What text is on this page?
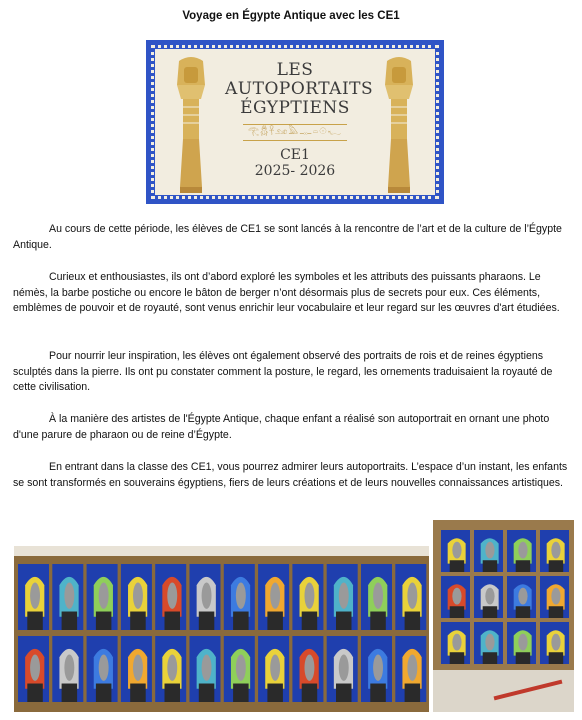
Voyage en Égypte Antique avec les CE1
LES
AUTOPORTAITS
ÉGYPTIENS
𓂀𓆣𓋹𓃭𓅓𓊃𓏏𓇳𓆑
CE1
2025- 2026

Au cours de cette période, les élèves de CE1 se sont lancés à la rencontre de l’art et de la culture de l’Égypte Antique.

Curieux et enthousiastes, ils ont d’abord exploré les symboles et les attributs des puissants pharaons. Le némès, la barbe postiche ou encore le bâton de berger n’ont désormais plus de secrets pour eux. Ces éléments, emblèmes de pouvoir et de royauté, sont venus enrichir leur vocabulaire et leur regard sur les œuvres d'art étudiées.

Pour nourrir leur inspiration, les élèves ont également observé des portraits de rois et de reines égyptiens sculptés dans la pierre. Ils ont pu constater comment la posture, le regard, les ornements traduisaient la royauté de cette civilisation.

À la manière des artistes de l'Égypte Antique, chaque enfant a réalisé son autoportrait en ornant une photo d'une parure de pharaon ou de reine d’Égypte.

En entrant dans la classe des CE1, vous pourrez admirer leurs autoportraits. L’espace d’un instant, les enfants se sont transformés en souverains égyptiens, fiers de leurs créations et de leurs nouvelles connaissances artistiques.
